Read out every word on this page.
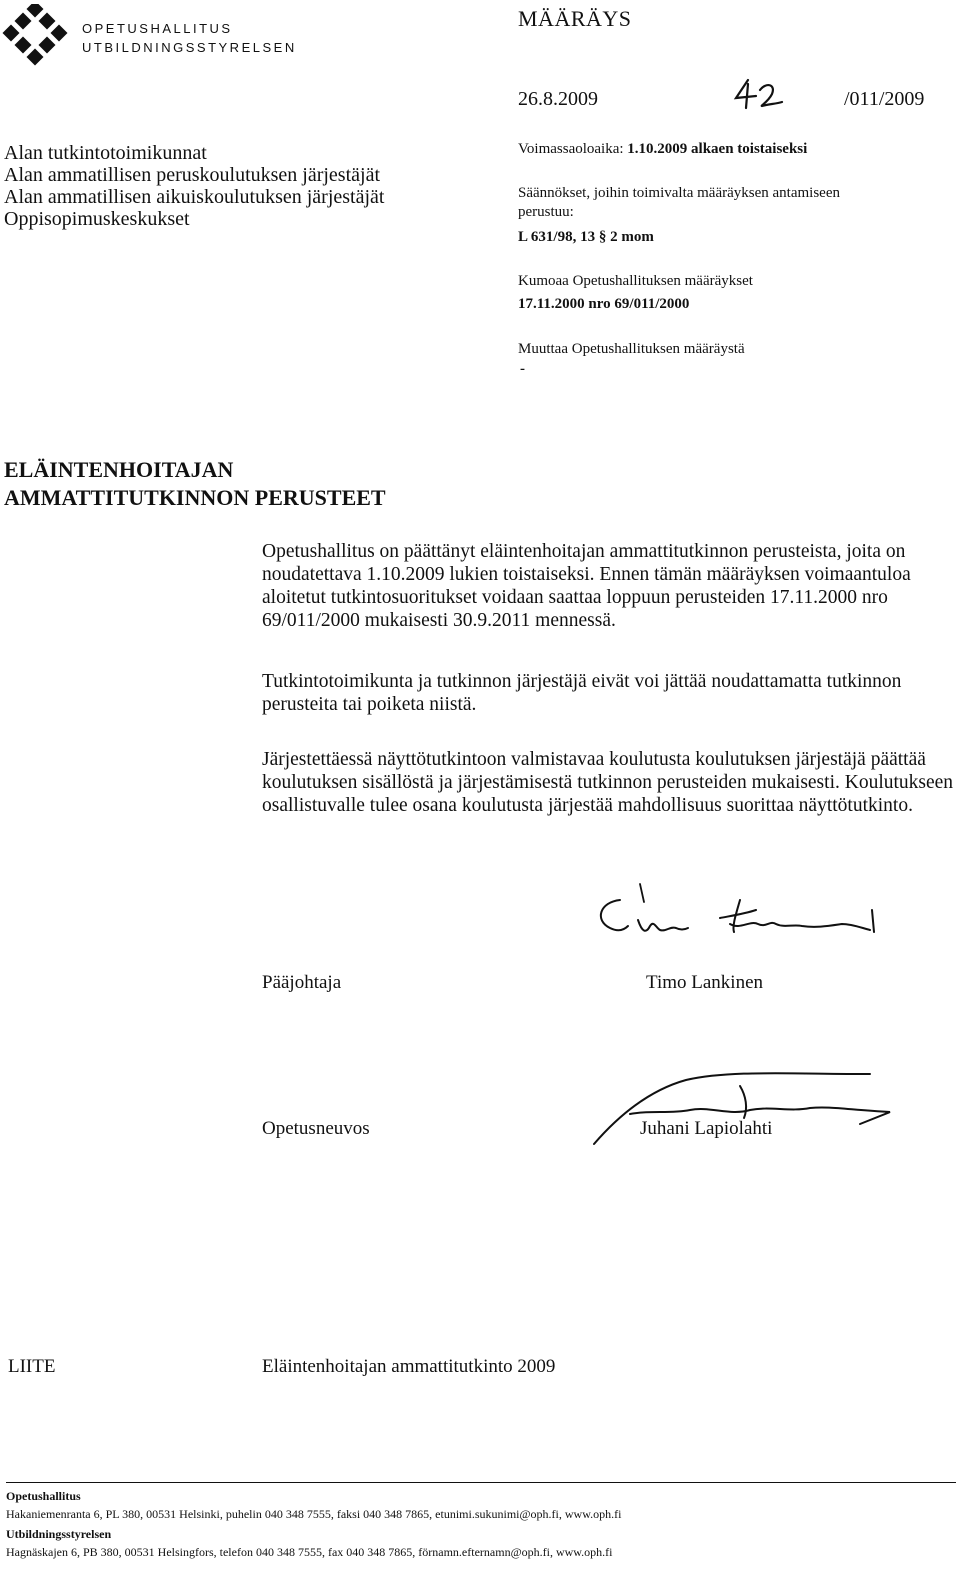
OPETUSHALLITUS
UTBILDNINGSSTYRELSEN
MÄÄRÄYS
26.8.2009	/011/2009
Alan tutkintotoimikunnat
Alan ammatillisen peruskoulutuksen järjestäjät
Alan ammatillisen aikuiskoulutuksen järjestäjät
Oppisopimuskeskukset
Voimassaoloaika: 1.10.2009 alkaen toistaiseksi
Säännökset, joihin toimivalta määräyksen antamiseen
perustuu:
L 631/98, 13 § 2 mom
Kumoaa Opetushallituksen määräykset
17.11.2000 nro 69/011/2000
Muuttaa Opetushallituksen määräystä
-
ELÄINTENHOITAJAN
AMMATTITUTKINNON PERUSTEET
Opetushallitus on päättänyt eläintenhoitajan ammattitutkinnon perusteista, joita on noudatettava 1.10.2009 lukien toistaiseksi. Ennen tämän määräyksen voimaantuloa aloitetut tutkintosuoritukset voidaan saattaa loppuun perusteiden 17.11.2000 nro 69/011/2000 mukaisesti 30.9.2011 mennessä.
Tutkintotoimikunta ja tutkinnon järjestäjä eivät voi jättää noudattamatta tutkinnon perusteita tai poiketa niistä.
Järjestettäessä näyttötutkintoon valmistavaa koulutusta koulutuksen järjestäjä päättää koulutuksen sisällöstä ja järjestämisestä tutkinnon perusteiden mukaisesti. Koulutukseen osallistuvalle tulee osana koulutusta järjestää mahdollisuus suorittaa näyttötutkinto.
Pääjohtaja	Timo Lankinen
Opetusneuvos	Juhani Lapiolahti
LIITE	Eläintenhoitajan ammattitutkinto 2009
Opetushallitus
Hakaniemenranta 6, PL 380, 00531 Helsinki, puhelin 040 348 7555, faksi 040 348 7865, etunimi.sukunimi@oph.fi, www.oph.fi
Utbildningsstyrelsen
Hagnäskajen 6, PB 380, 00531 Helsingfors, telefon 040 348 7555, fax 040 348 7865, förnamn.efternamn@oph.fi, www.oph.fi
